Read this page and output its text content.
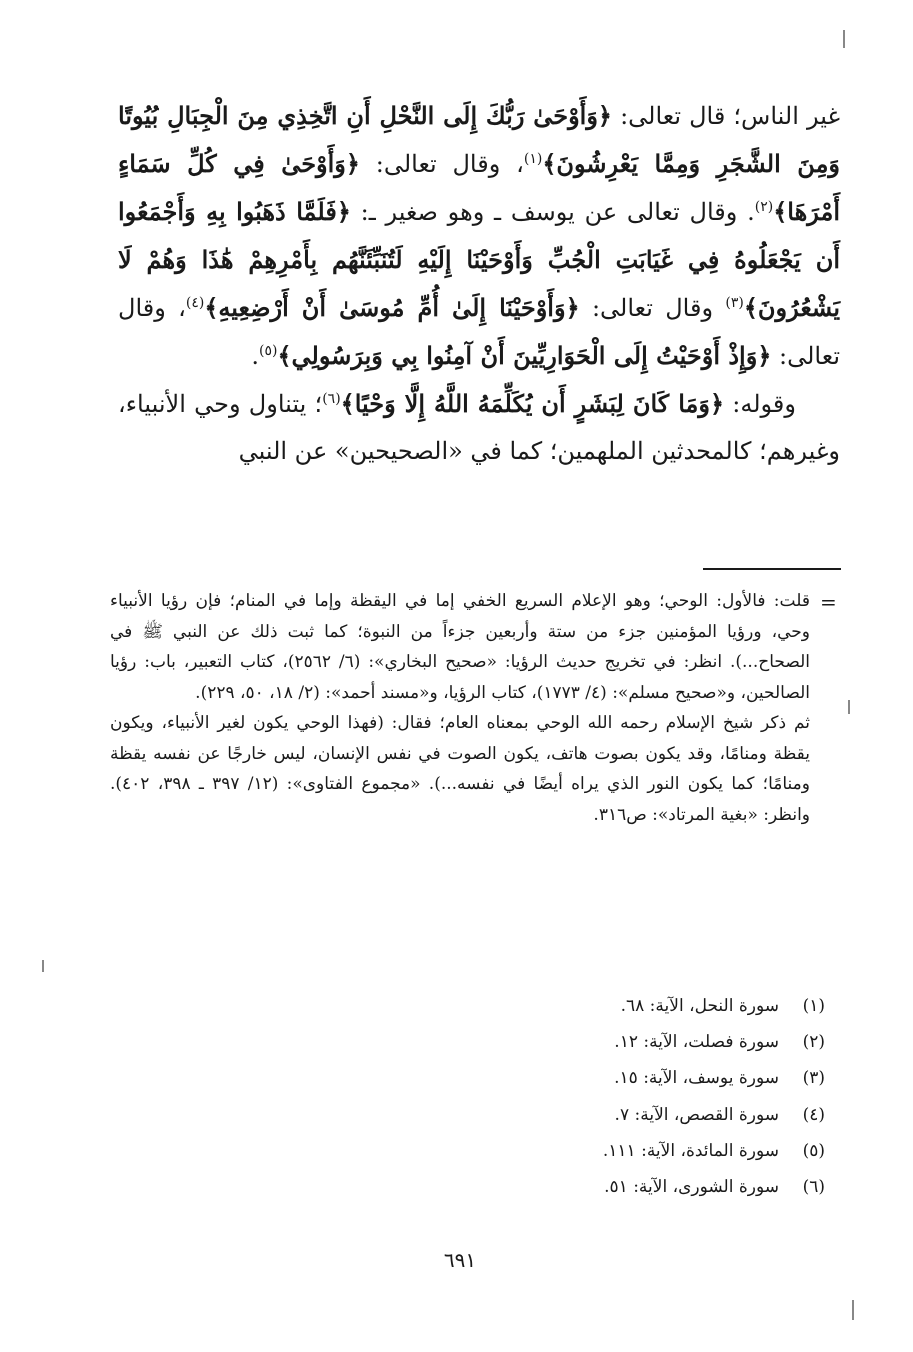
غير الناس؛ قال تعالى: ﴿وَأَوْحَىٰ رَبُّكَ إِلَى النَّحْلِ أَنِ اتَّخِذِي مِنَ الْجِبَالِ بُيُوتًا وَمِنَ الشَّجَرِ وَمِمَّا يَعْرِشُونَ﴾$^{(١)}$، وقال تعالى: ﴿وَأَوْحَىٰ فِي كُلِّ سَمَاءٍ أَمْرَهَا﴾$^{(٢)}$. وقال تعالى عن يوسف ـ وهو صغير ـ: ﴿فَلَمَّا ذَهَبُوا بِهِ وَأَجْمَعُوا أَن يَجْعَلُوهُ فِي غَيَابَتِ الْجُبِّ وَأَوْحَيْنَا إِلَيْهِ لَتُنَبِّئَنَّهُم بِأَمْرِهِمْ هَٰذَا وَهُمْ لَا يَشْعُرُونَ﴾$^{(٣)}$ وقال تعالى: ﴿وَأَوْحَيْنَا إِلَىٰ أُمِّ مُوسَىٰ أَنْ أَرْضِعِيهِ﴾$^{(٤)}$، وقال تعالى: ﴿وَإِذْ أَوْحَيْتُ إِلَى الْحَوَارِيِّينَ أَنْ آمِنُوا بِي وَبِرَسُولِي﴾$^{(٥)}$.

وقوله: ﴿وَمَا كَانَ لِبَشَرٍ أَن يُكَلِّمَهُ اللَّهُ إِلَّا وَحْيًا﴾$^{(٦)}$؛ يتناول وحي الأنبياء، وغيرهم؛ كالمحدثين الملهمين؛ كما في «الصحيحين» عن النبي

=

قلت: فالأول: الوحي؛ وهو الإعلام السريع الخفي إما في اليقظة وإما في المنام؛ فإن رؤيا الأنبياء وحي، ورؤيا المؤمنين جزء من ستة وأربعين جزءاً من النبوة؛ كما ثبت ذلك عن النبي ﷺ في الصحاح...). انظر: في تخريج حديث الرؤيا: «صحيح البخاري»: (٦/ ٢٥٦٢)، كتاب التعبير، باب: رؤيا الصالحين، و«صحيح مسلم»: (٤/ ١٧٧٣)، كتاب الرؤيا، و«مسند أحمد»: (٢/ ١٨، ٥٠، ٢٢٩).

ثم ذكر شيخ الإسلام رحمه الله الوحي بمعناه العام؛ فقال: (فهذا الوحي يكون لغير الأنبياء، ويكون يقظة ومنامًا، وقد يكون بصوت هاتف، يكون الصوت في نفس الإنسان، ليس خارجًا عن نفسه يقظة ومنامًا؛ كما يكون النور الذي يراه أيضًا في نفسه...). «مجموع الفتاوى»: (١٢/ ٣٩٧ ـ ٣٩٨، ٤٠٢). وانظر: «بغية المرتاد»: ص٣١٦.

(١)
سورة النحل، الآية: ٦٨.
(٢)
سورة فصلت، الآية: ١٢.
(٣)
سورة يوسف، الآية: ١٥.
(٤)
سورة القصص، الآية: ٧.
(٥)
سورة المائدة، الآية: ١١١.
(٦)
سورة الشورى، الآية: ٥١.
٦٩١
